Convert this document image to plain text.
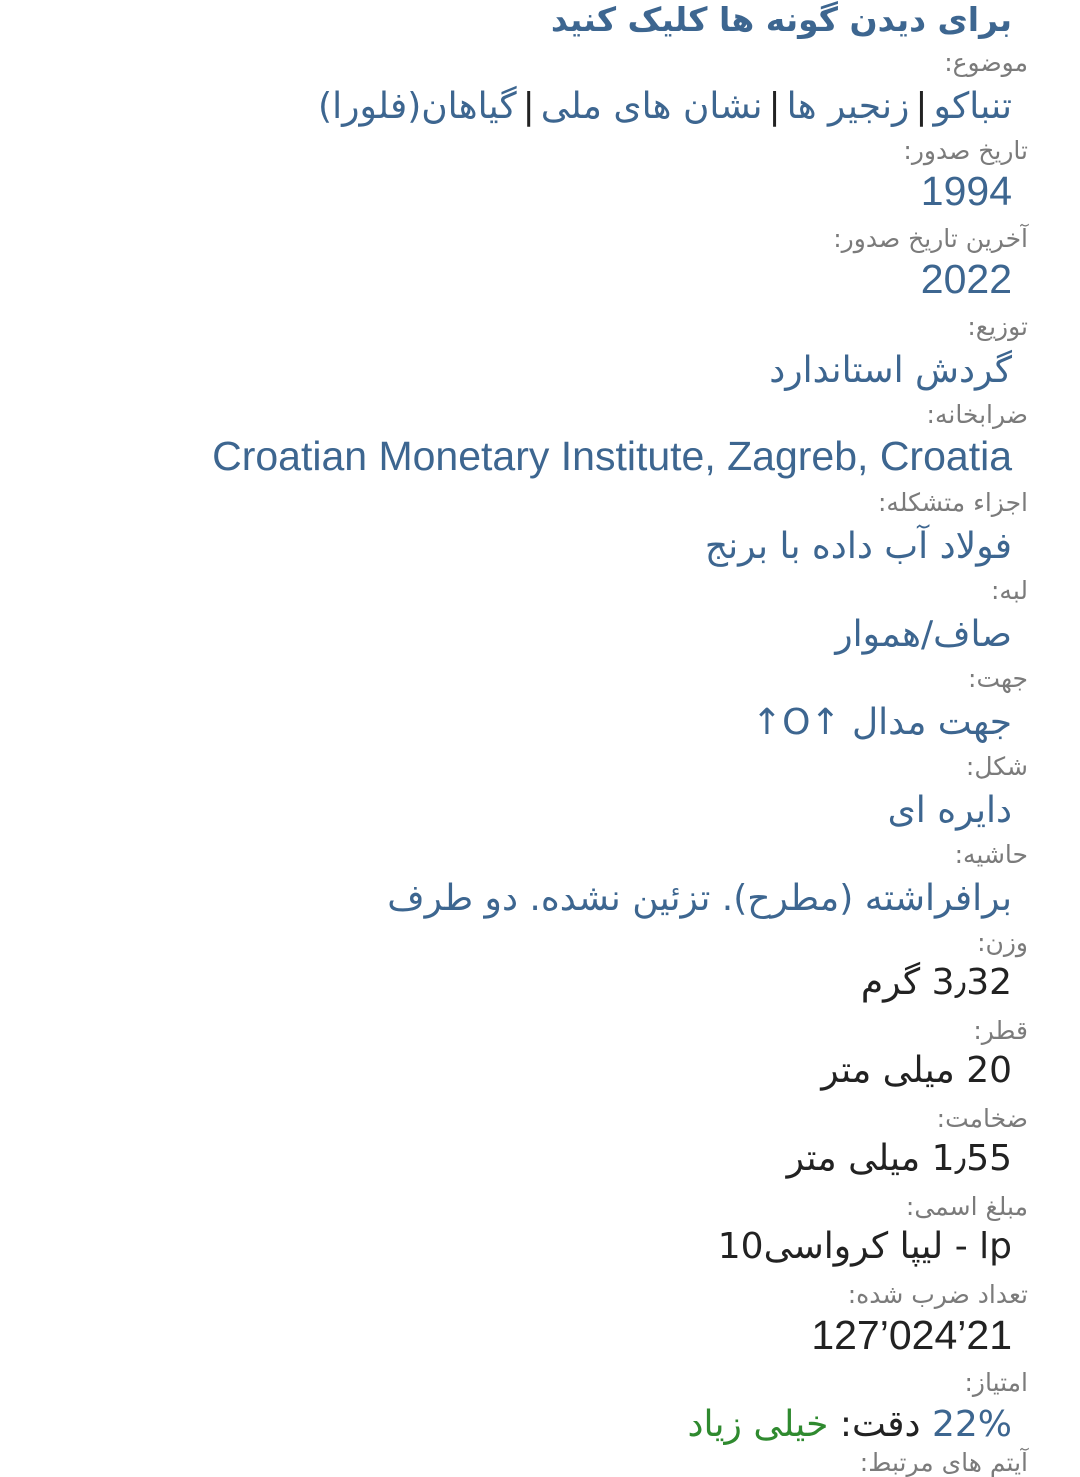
برای دیدن گونه ها کلیک کنید
موضوع:
تنباکو|زنجیر ها|نشان های ملی|گیاهان(فلورا)
تاریخ صدور:
1994
آخرین تاریخ صدور:
2022
توزیع:
گردش استاندارد
ضرابخانه:
Croatian Monetary Institute, Zagreb, Croatia
اجزاء متشکله:
فولاد آب داده با برنج
لبه:
صاف/هموار
جهت:
جهت مدال ↑O↑
شکل:
دایره ای
حاشیه:
برافراشته (مطرح). تزئین نشده. دو طرف
وزن:
3٫32 گرم
قطر:
20 میلی متر
ضخامت:
1٫55 میلی متر
مبلغ اسمی:
lp - لیپا کرواسی10
تعداد ضرب شده:
21’024’127
امتیاز:
22% دقت: خیلی زیاد
آیتم های مرتبط:
